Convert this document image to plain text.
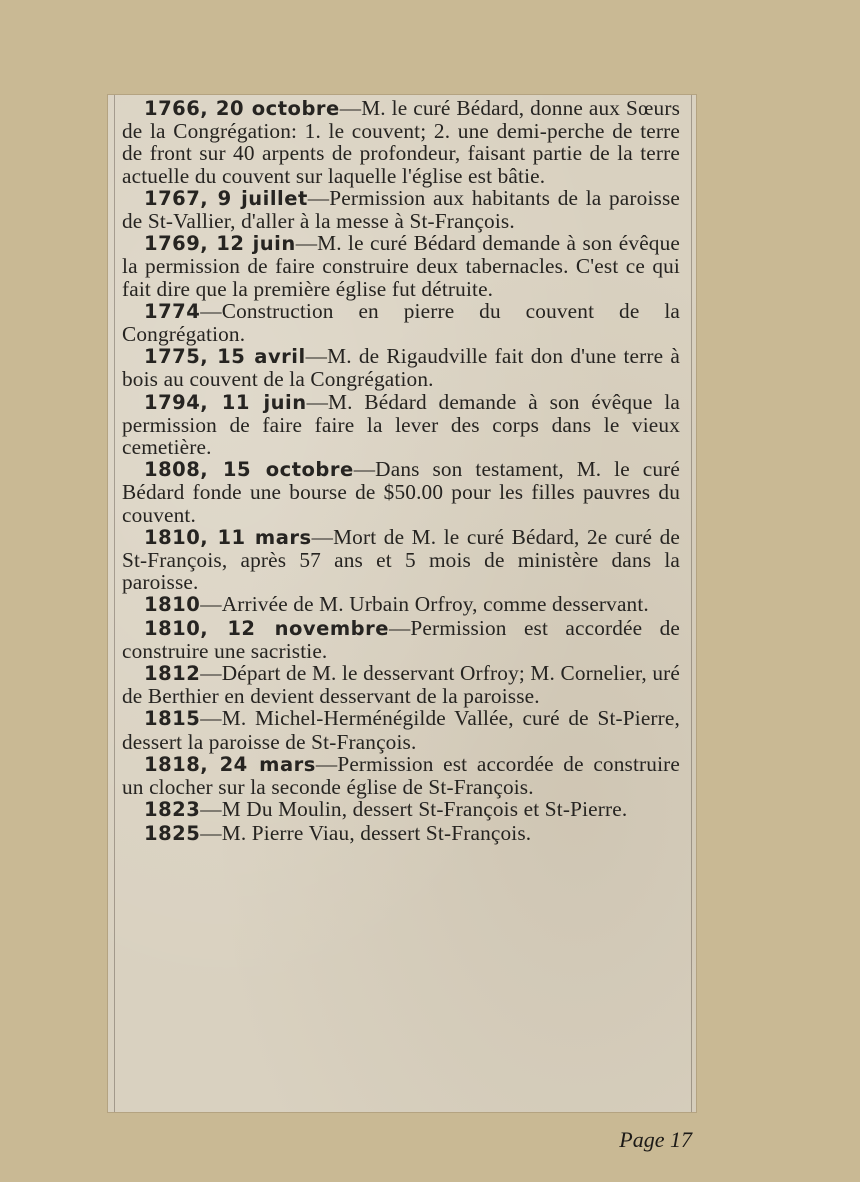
1766, 20 octobre—M. le curé Bédard, donne aux Sœurs de la Congrégation: 1. le couvent; 2. une demi-perche de terre de front sur 40 arpents de profondeur, faisant partie de la terre actuelle du couvent sur laquelle l'église est bâtie.

1767, 9 juillet—Permission aux habitants de la paroisse de St-Vallier, d'aller à la messe à St-François.

1769, 12 juin—M. le curé Bédard demande à son évêque la permission de faire construire deux tabernacles. C'est ce qui fait dire que la première église fut détruite.

1774—Construction en pierre du couvent de la Congrégation.

1775, 15 avril—M. de Rigaudville fait don d'une terre à bois au couvent de la Congrégation.

1794, 11 juin—M. Bédard demande à son évêque la permission de faire faire la lever des corps dans le vieux cemetière.

1808, 15 octobre—Dans son testament, M. le curé Bédard fonde une bourse de $50.00 pour les filles pauvres du couvent.

1810, 11 mars—Mort de M. le curé Bédard, 2e curé de St-François, après 57 ans et 5 mois de ministère dans la paroisse.

1810—Arrivée de M. Urbain Orfroy, comme desservant.

1810, 12 novembre—Permission est accordée de construire une sacristie.

1812—Départ de M. le desservant Orfroy; M. Cornelier, uré de Berthier en devient desservant de la paroisse.

1815—M. Michel-Herménégilde Vallée, curé de St-Pierre, dessert la paroisse de St-François.

1818, 24 mars—Permission est accordée de construire un clocher sur la seconde église de St-François.

1823—M Du Moulin, dessert St-François et St-Pierre.

1825—M. Pierre Viau, dessert St-François.

Page 17
